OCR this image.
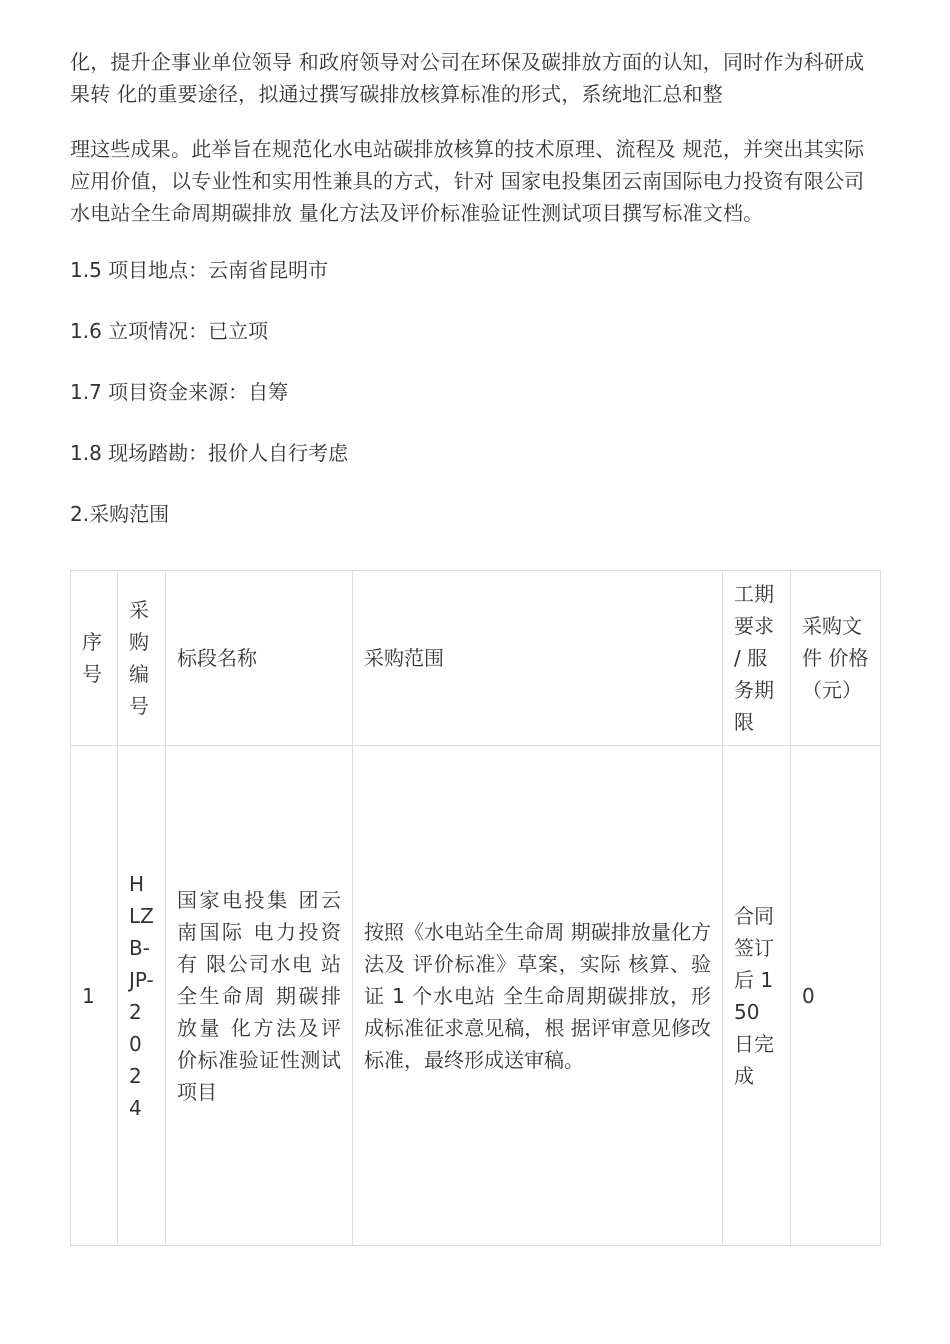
化，提升企事业单位领导 和政府领导对公司在环保及碳排放方面的认知，同时作为科研成果转 化的重要途径，拟通过撰写碳排放核算标准的形式，系统地汇总和整

理这些成果。此举旨在规范化水电站碳排放核算的技术原理、流程及 规范，并突出其实际应用价值，以专业性和实用性兼具的方式，针对 国家电投集团云南国际电力投资有限公司水电站全生命周期碳排放 量化方法及评价标准验证性测试项目撰写标准文档。

1.5 项目地点：云南省昆明市

1.6 立项情况：已立项

1.7 项目资金来源：自筹

1.8 现场踏勘：报价人自行考虑

2.采购范围

序号	采购编号	标段名称	采购范围	工期要求 / 服务期限	采购文件 价格 （元）
1	HLZB-JP-2024	国家电投集 团云南国际 电力投资有 限公司水电 站全生命周 期碳排放量 化方法及评价标准验证性测试项目	按照《水电站全生命周 期碳排放量化方法及 评价标准》草案，实际 核算、验证 1 个水电站 全生命周期碳排放，形 成标准征求意见稿，根 据评审意见修改标准，最终形成送审稿。	合同签订后 150 日完成	0
